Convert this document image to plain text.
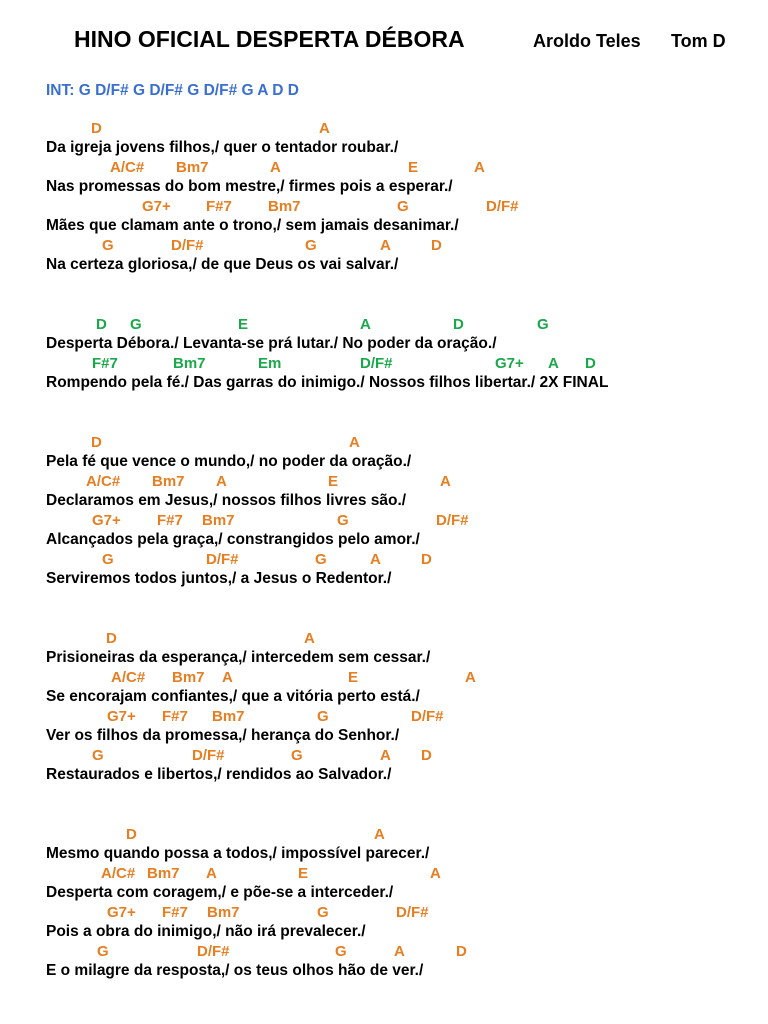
HINO OFICIAL DESPERTA DÉBORA	Aroldo Teles Tom D
INT: G D/F# G D/F# G D/F# G A D D
D	A
Da igreja jovens filhos,/ quer o tentador roubar./
A/C# Bm7	A	E	A
Nas promessas do bom mestre,/ firmes pois a esperar./
G7+ F#7 Bm7	G	D/F#
Mães que clamam ante o trono,/ sem jamais desanimar./
G	D/F#	G	A	D
Na certeza gloriosa,/ de que Deus os vai salvar./
D G	E	A	D	G
Desperta Débora./ Levanta-se prá lutar./ No poder da oração./
F#7	Bm7	Em	D/F#	G7+ A D
Rompendo pela fé./ Das garras do inimigo./ Nossos filhos libertar./ 2X FINAL
D	A
Pela fé que vence o mundo,/ no poder da oração./
A/C# Bm7 A	E	A
Declaramos em Jesus,/ nossos filhos livres são./
G7+ F#7 Bm7	G	D/F#
Alcançados pela graça,/ constrangidos pelo amor./
G	D/F#	G	A	D
Serviremos todos juntos,/ a Jesus o Redentor./
D	A
Prisioneiras da esperança,/ intercedem sem cessar./
A/C# Bm7 A	E	A
Se encorajam confiantes,/ que a vitória perto está./
G7+ F#7 Bm7	G	D/F#
Ver os filhos da promessa,/ herança do Senhor./
G	D/F#	G	A D
Restaurados e libertos,/ rendidos ao Salvador./
D	A
Mesmo quando possa a todos,/ impossível parecer./
A/C# Bm7 A	E	A
Desperta com coragem,/ e põe-se a interceder./
G7+ F#7 Bm7	G	D/F#
Pois a obra do inimigo,/ não irá prevalecer./
G	D/F#	G	A	D
E o milagre da resposta,/ os teus olhos hão de ver./
